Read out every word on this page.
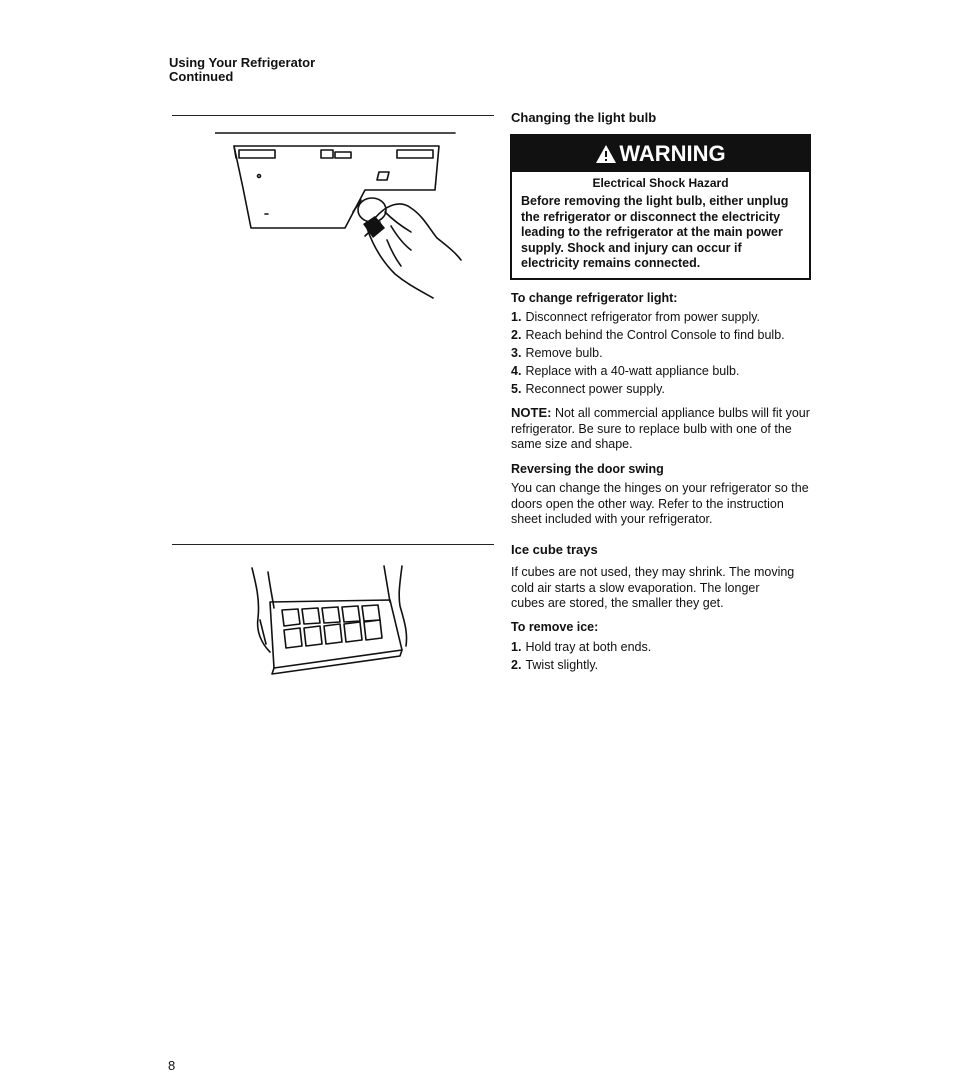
Using Your Refrigerator
Continued
Changing the light bulb
WARNING
Electrical Shock Hazard
Before removing the light bulb, either unplug the refrigerator or disconnect the electricity leading to the refrigerator at the main power supply. Shock and injury can occur if electricity remains connected.
To change refrigerator light:
1. Disconnect refrigerator from power supply.
2. Reach behind the Control Console to find bulb.
3. Remove bulb.
4. Replace with a 40-watt appliance bulb.
5. Reconnect power supply.
NOTE: Not all commercial appliance bulbs will fit your refrigerator. Be sure to replace bulb with one of the same size and shape.
Reversing the door swing
You can change the hinges on your refrigerator so the doors open the other way. Refer to the instruction sheet included with your refrigerator.
Ice cube trays
If cubes are not used, they may shrink. The moving cold air starts a slow evaporation. The longer cubes are stored, the smaller they get.
To remove ice:
1. Hold tray at both ends.
2. Twist slightly.
8
